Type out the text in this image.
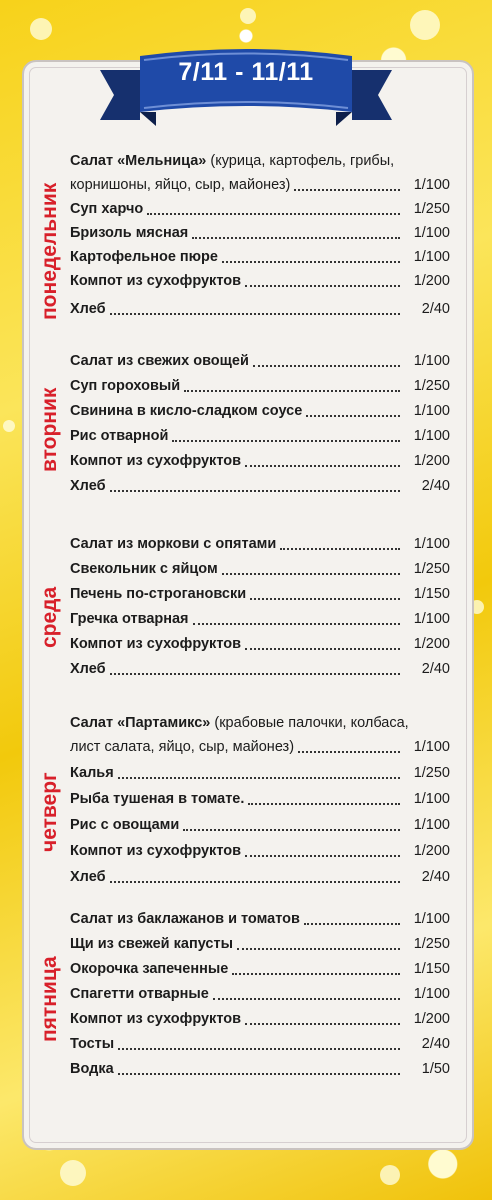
7/11 - 11/11
понедельник
Салат «Мельница» (курица, картофель, грибы,
корнишоны, яйцо, сыр, майонез)	1/100
Суп харчо	1/250
Бризоль мясная	1/100
Картофельное пюре	1/100
Компот из сухофруктов	1/200
Хлеб	2/40
вторник
Салат из свежих овощей	1/100
Суп гороховый	1/250
Свинина в кисло-сладком соусе	1/100
Рис отварной	1/100
Компот из сухофруктов	1/200
Хлеб	2/40
среда
Салат из моркови с опятами	1/100
Свекольник с яйцом	1/250
Печень по-строгановски	1/150
Гречка отварная	1/100
Компот из сухофруктов	1/200
Хлеб	2/40
четверг
Салат «Партамикс» (крабовые палочки, колбаса,
лист салата, яйцо, сыр, майонез)	1/100
Калья	1/250
Рыба тушеная в томате.	1/100
Рис с овощами	1/100
Компот из сухофруктов	1/200
Хлеб	2/40
пятница
Салат из баклажанов и томатов	1/100
Щи из свежей капусты	1/250
Окорочка запеченные	1/150
Спагетти отварные	1/100
Компот из сухофруктов	1/200
Тосты	2/40
Водка	1/50
